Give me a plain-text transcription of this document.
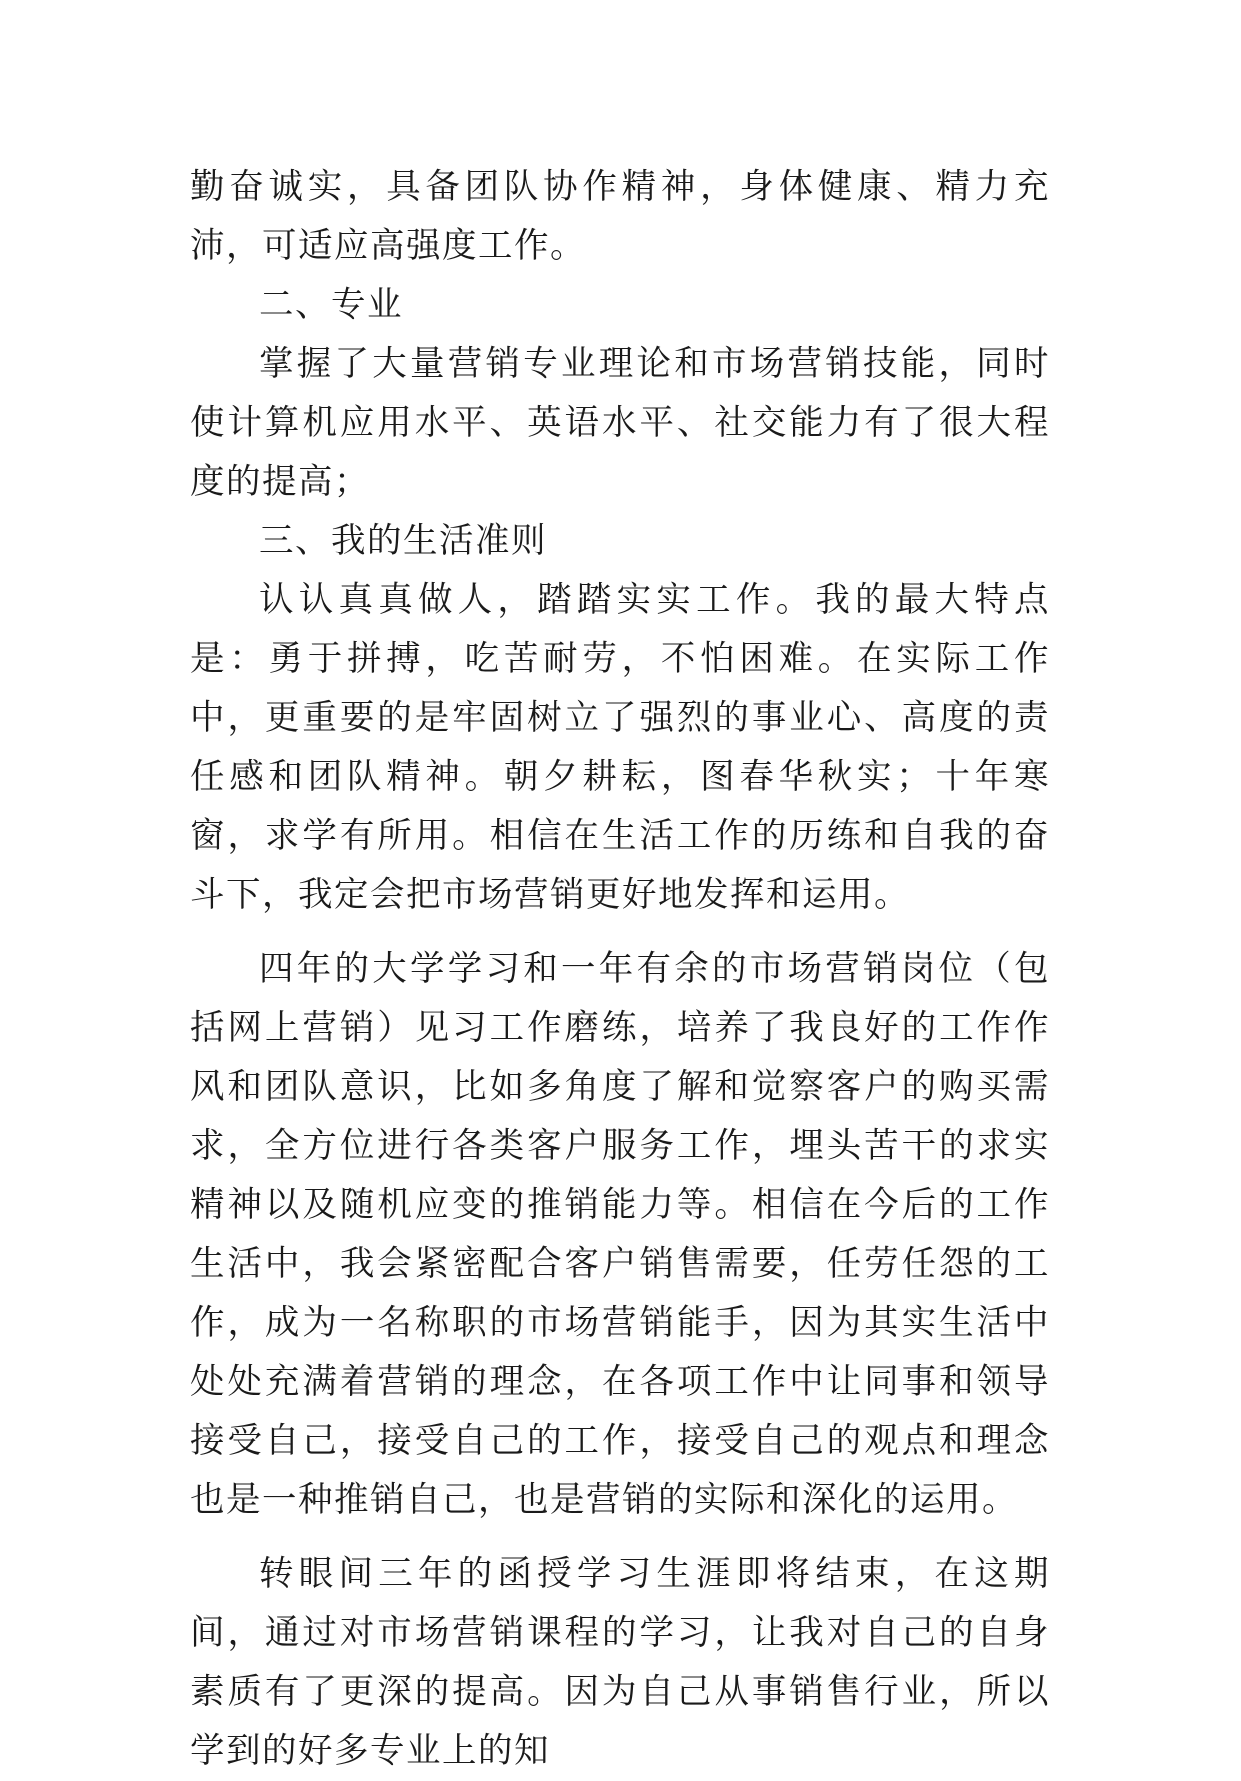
勤奋诚实，具备团队协作精神，身体健康、精力充沛，可适应高强度工作。

二、专业

掌握了大量营销专业理论和市场营销技能，同时使计算机应用水平、英语水平、社交能力有了很大程度的提高；

三、我的生活准则

认认真真做人，踏踏实实工作。我的最大特点是：勇于拼搏，吃苦耐劳，不怕困难。在实际工作中，更重要的是牢固树立了强烈的事业心、高度的责任感和团队精神。朝夕耕耘，图春华秋实；十年寒窗，求学有所用。相信在生活工作的历练和自我的奋斗下，我定会把市场营销更好地发挥和运用。

四年的大学学习和一年有余的市场营销岗位（包括网上营销）见习工作磨练，培养了我良好的工作作风和团队意识，比如多角度了解和觉察客户的购买需求，全方位进行各类客户服务工作，埋头苦干的求实精神以及随机应变的推销能力等。相信在今后的工作生活中，我会紧密配合客户销售需要，任劳任怨的工作，成为一名称职的市场营销能手，因为其实生活中处处充满着营销的理念，在各项工作中让同事和领导接受自己，接受自己的工作，接受自己的观点和理念也是一种推销自己，也是营销的实际和深化的运用。

转眼间三年的函授学习生涯即将结束，在这期间，通过对市场营销课程的学习，让我对自己的自身素质有了更深的提高。因为自己从事销售行业，所以学到的好多专业上的知
